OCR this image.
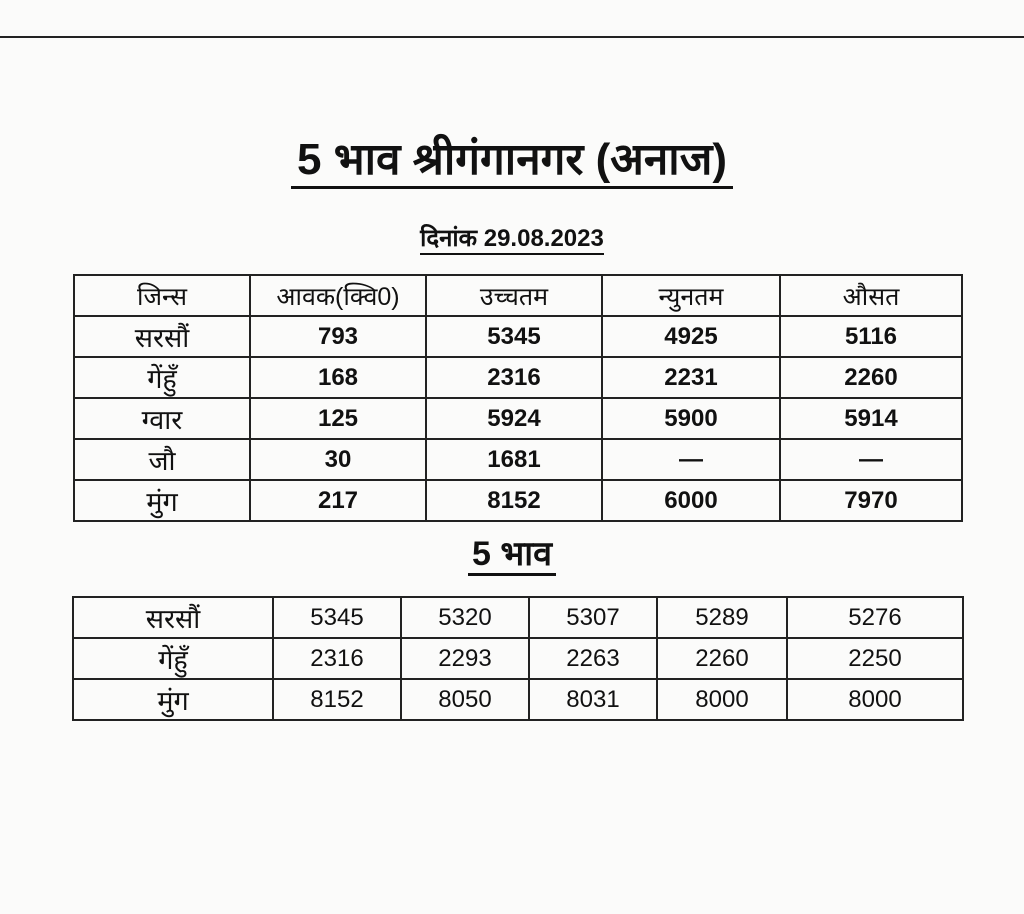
5 भाव श्रीगंगानगर (अनाज)
दिनांक 29.08.2023
जिन्स	आवक(क्वि0)	उच्चतम	न्युनतम	औसत
सरसौं	793	5345	4925	5116
गेंहुँ	168	2316	2231	2260
ग्वार	125	5924	5900	5914
जौ	30	1681	—	—
मुंग	217	8152	6000	7970
5 भाव
सरसौं	5345	5320	5307	5289	5276
गेंहुँ	2316	2293	2263	2260	2250
मुंग	8152	8050	8031	8000	8000
